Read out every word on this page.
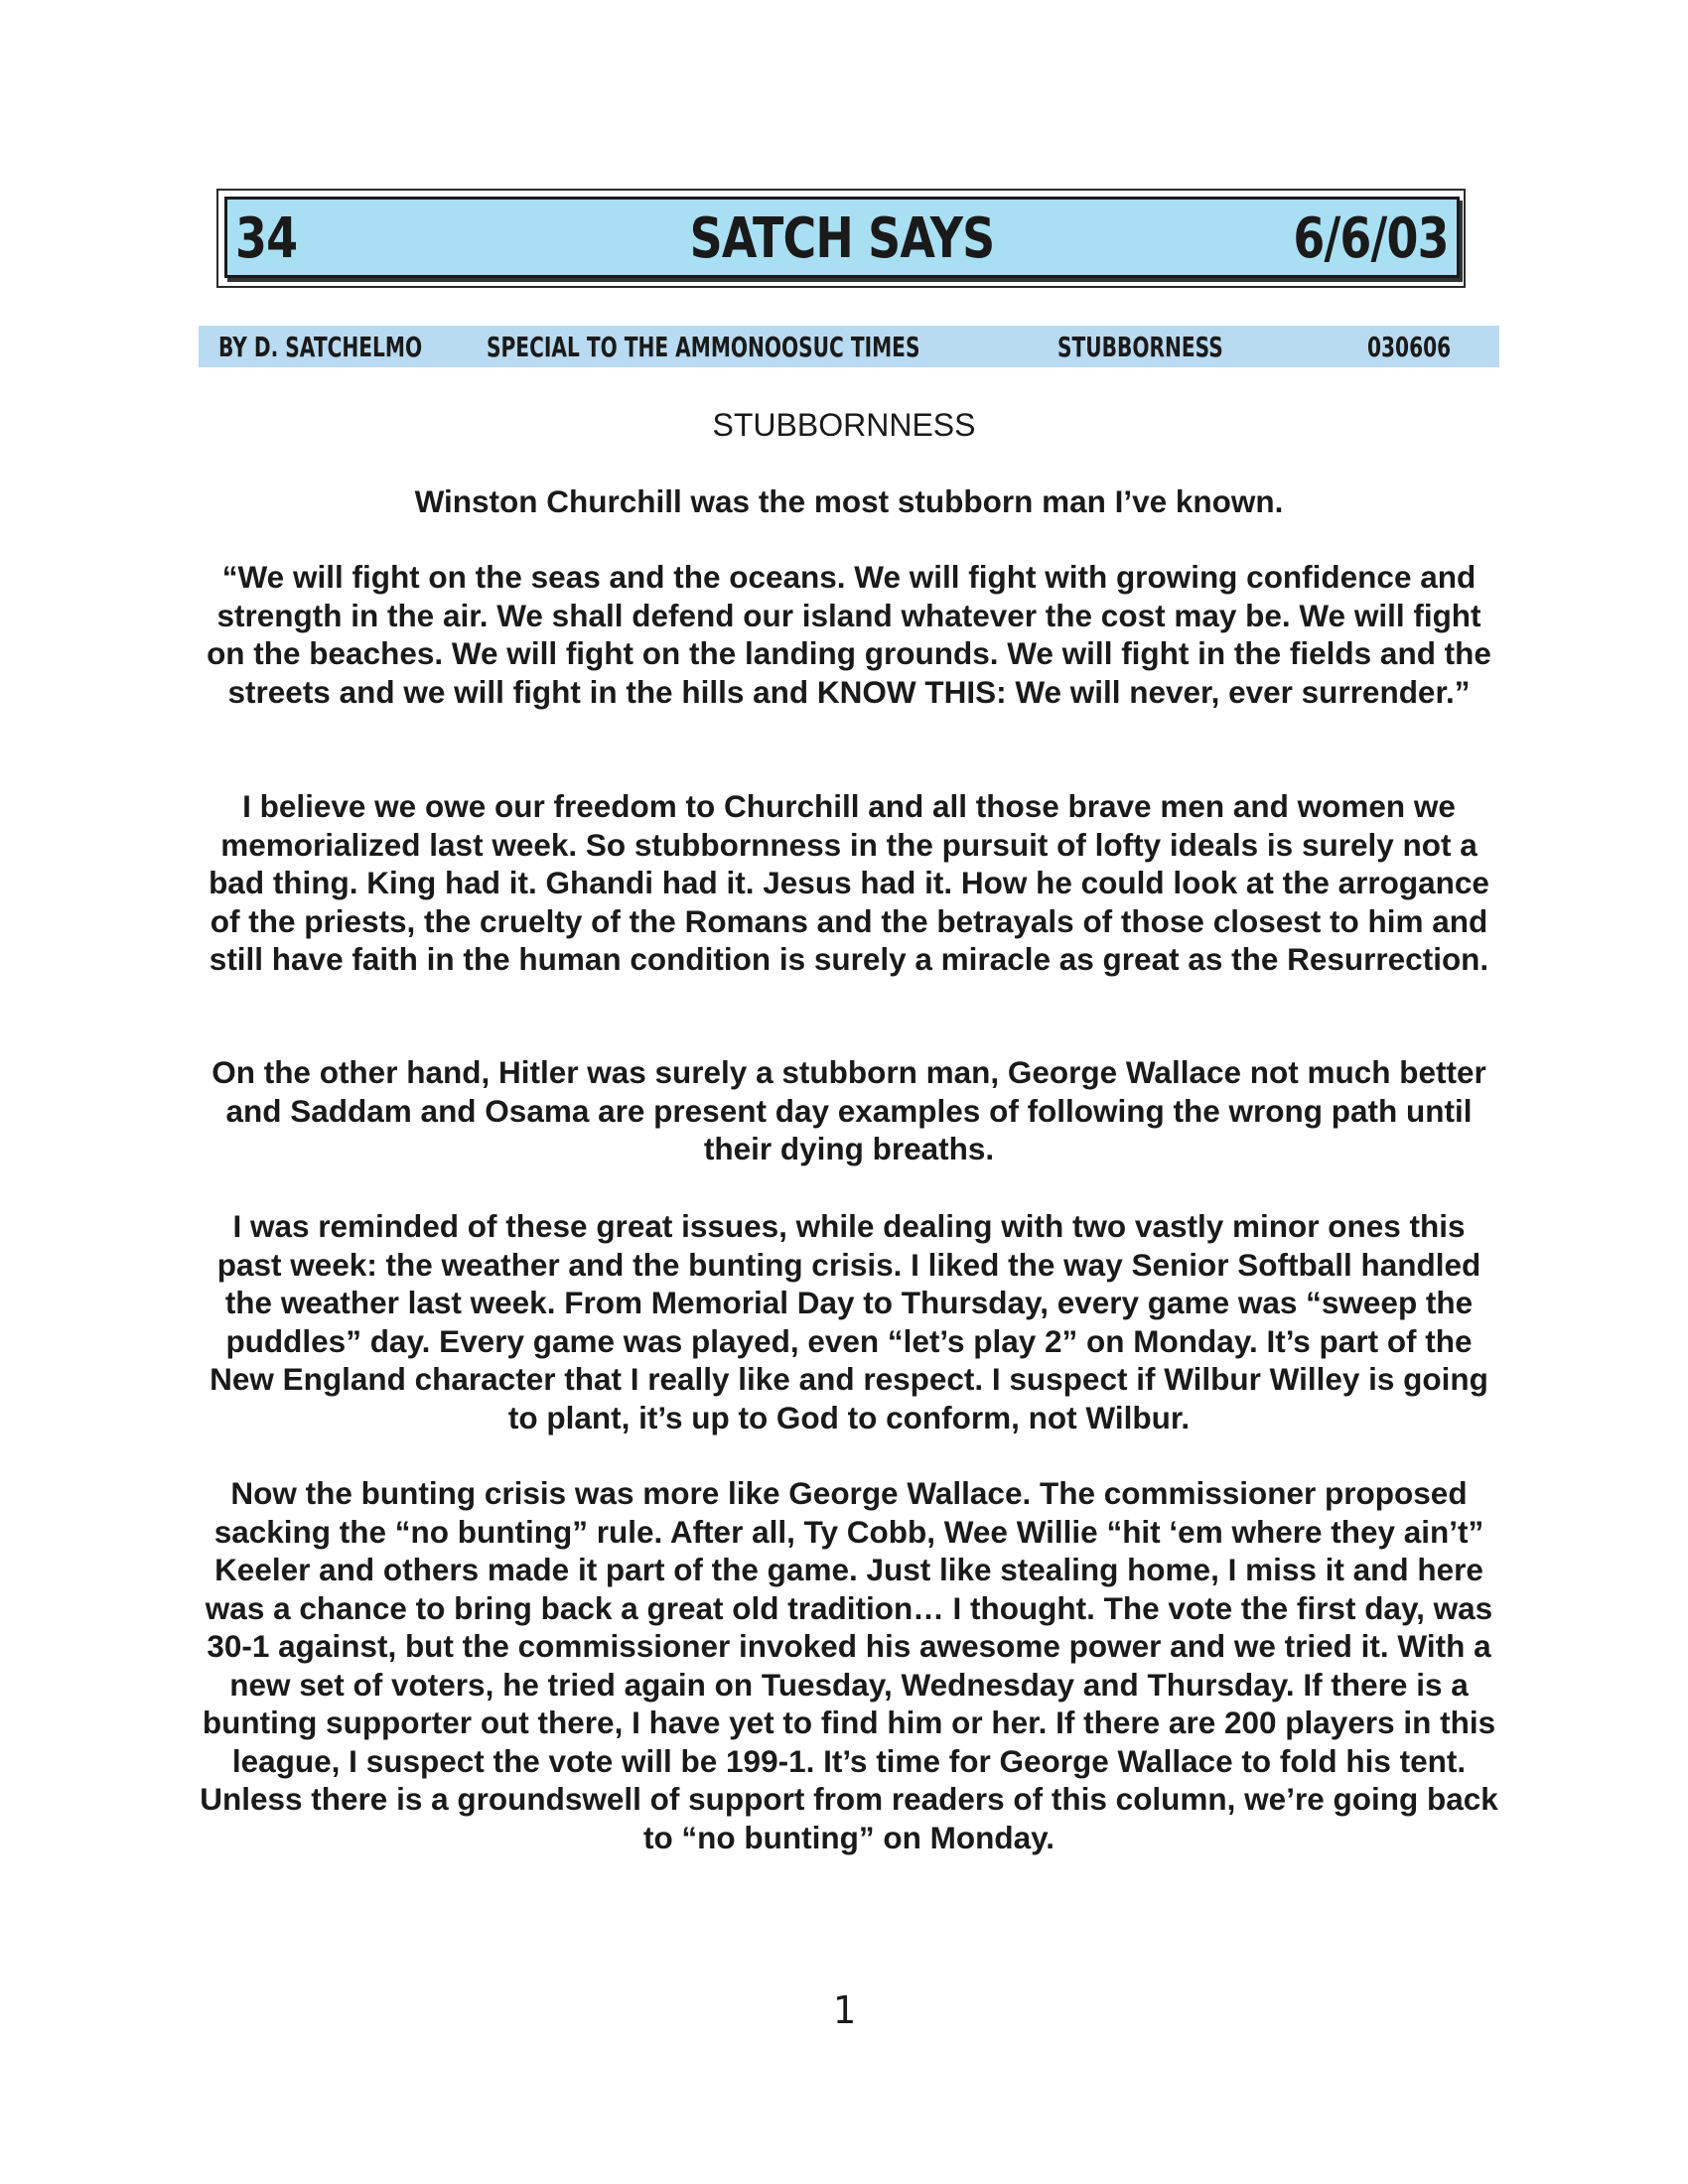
34	SATCH SAYS	6/6/03
BY D. SATCHELMO SPECIAL TO THE AMMONOOSUC TIMES	STUBBORNESS	030606
STUBBORNNESS

Winston Churchill was the most stubborn man I’ve known.

“We will fight on the seas and the oceans. We will fight with growing confidence and strength in the air. We shall defend our island whatever the cost may be. We will fight on the beaches. We will fight on the landing grounds. We will fight in the fields and the streets and we will fight in the hills and KNOW THIS: We will never, ever surrender.”

I believe we owe our freedom to Churchill and all those brave men and women we memorialized last week. So stubbornness in the pursuit of lofty ideals is surely not a bad thing. King had it. Ghandi had it. Jesus had it. How he could look at the arrogance of the priests, the cruelty of the Romans and the betrayals of those closest to him and still have faith in the human condition is surely a miracle as great as the Resurrection.

On the other hand, Hitler was surely a stubborn man, George Wallace not much better and Saddam and Osama are present day examples of following the wrong path until their dying breaths.

I was reminded of these great issues, while dealing with two vastly minor ones this past week: the weather and the bunting crisis. I liked the way Senior Softball handled the weather last week. From Memorial Day to Thursday, every game was “sweep the puddles” day. Every game was played, even “let’s play 2” on Monday. It’s part of the New England character that I really like and respect. I suspect if Wilbur Willey is going to plant, it’s up to God to conform, not Wilbur.

Now the bunting crisis was more like George Wallace. The commissioner proposed sacking the “no bunting” rule. After all, Ty Cobb, Wee Willie “hit ‘em where they ain’t” Keeler and others made it part of the game. Just like stealing home, I miss it and here was a chance to bring back a great old tradition… I thought. The vote the first day, was 30-1 against, but the commissioner invoked his awesome power and we tried it. With a new set of voters, he tried again on Tuesday, Wednesday and Thursday. If there is a bunting supporter out there, I have yet to find him or her. If there are 200 players in this league, I suspect the vote will be 199-1. It’s time for George Wallace to fold his tent. Unless there is a groundswell of support from readers of this column, we’re going back to “no bunting” on Monday.

1
